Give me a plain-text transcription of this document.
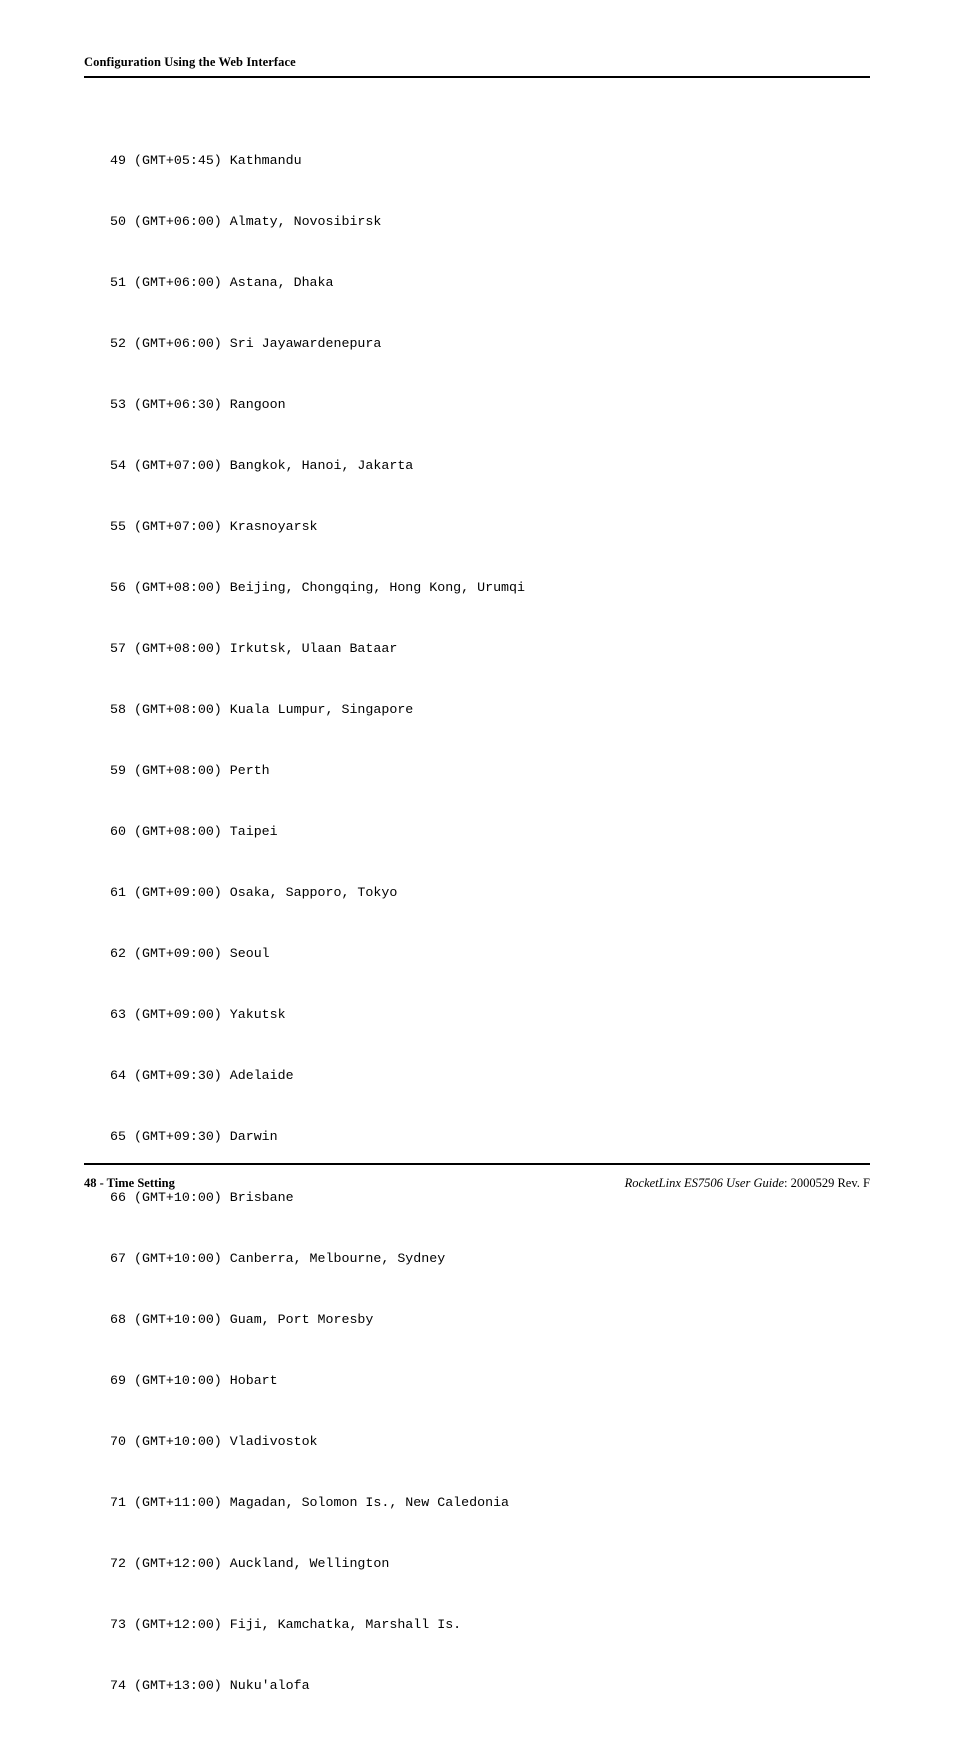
Configuration Using the Web Interface

49 (GMT+05:45) Kathmandu

50 (GMT+06:00) Almaty, Novosibirsk

51 (GMT+06:00) Astana, Dhaka

52 (GMT+06:00) Sri Jayawardenepura

53 (GMT+06:30) Rangoon

54 (GMT+07:00) Bangkok, Hanoi, Jakarta

55 (GMT+07:00) Krasnoyarsk

56 (GMT+08:00) Beijing, Chongqing, Hong Kong, Urumqi

57 (GMT+08:00) Irkutsk, Ulaan Bataar

58 (GMT+08:00) Kuala Lumpur, Singapore

59 (GMT+08:00) Perth

60 (GMT+08:00) Taipei

61 (GMT+09:00) Osaka, Sapporo, Tokyo

62 (GMT+09:00) Seoul

63 (GMT+09:00) Yakutsk

64 (GMT+09:30) Adelaide

65 (GMT+09:30) Darwin

66 (GMT+10:00) Brisbane

67 (GMT+10:00) Canberra, Melbourne, Sydney

68 (GMT+10:00) Guam, Port Moresby

69 (GMT+10:00) Hobart

70 (GMT+10:00) Vladivostok

71 (GMT+11:00) Magadan, Solomon Is., New Caledonia

72 (GMT+12:00) Auckland, Wellington

73 (GMT+12:00) Fiji, Kamchatka, Marshall Is.

74 (GMT+13:00) Nuku'alofa

48 - Time Setting	RocketLinx ES7506 User Guide: 2000529 Rev. F
